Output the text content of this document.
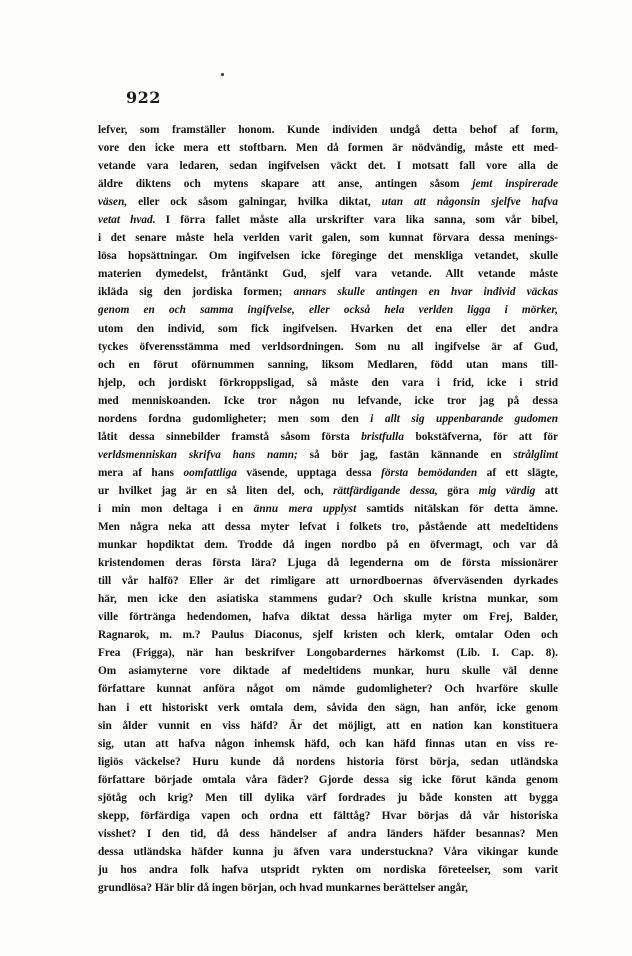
922
lefver, som framställer honom. Kunde individen undgå detta behof af form,
vore den icke mera ett stoftbarn. Men då formen är nödvändig, måste ett med-
vetande vara ledaren, sedan ingifvelsen väckt det. I motsatt fall vore alla de
äldre diktens och mytens skapare att anse, antingen såsom jemt inspirerade
väsen, eller ock såsom galningar, hvilka diktat, utan att någonsin sjelfve hafva
vetat hvad. I förra fallet måste alla urskrifter vara lika sanna, som vår bibel,
i det senare måste hela verlden varit galen, som kunnat förvara dessa menings-
lösa hopsättningar. Om ingifvelsen icke föreginge det menskliga vetandet, skulle
materien dymedelst, fråntänkt Gud, sjelf vara vetande. Allt vetande måste
ikläda sig den jordiska formen; annars skulle antingen en hvar individ väckas
genom en och samma ingifvelse, eller också hela verlden ligga i mörker,
utom den individ, som fick ingifvelsen. Hvarken det ena eller det andra
tyckes öfverensstämma med verldsordningen. Som nu all ingifvelse är af Gud,
och en förut oförnummen sanning, liksom Medlaren, född utan mans till-
hjelp, och jordiskt förkroppsligad, så måste den vara i frid, icke i strid
med menniskoanden. Icke tror någon nu lefvande, icke tror jag på dessa
nordens fordna gudomligheter; men som den i allt sig uppenbarande gudomen
låtit dessa sinnebilder framstå såsom första bristfulla bokstäfverna, för att för
verldsmenniskan skrifva hans namn; så bör jag, fastän kännande en strålglimt
mera af hans oomfattliga väsende, upptaga dessa första bemödanden af ett slägte,
ur hvilket jag är en så liten del, och, rättfärdigande dessa, göra mig värdig att
i min mon deltaga i en ännu mera upplyst samtids nitälskan för detta ämne.
Men några neka att dessa myter lefvat i folkets tro, påstående att medeltidens
munkar hopdiktat dem. Trodde då ingen nordbo på en öfvermagt, och var då
kristendomen deras första lära? Ljuga då legenderna om de första missionärer
till vår halfö? Eller är det rimligare att urnordboernas öfverväsenden dyrkades
här, men icke den asiatiska stammens gudar? Och skulle kristna munkar, som
ville förtränga hedendomen, hafva diktat dessa härliga myter om Frej, Balder,
Ragnarok, m. m.? Paulus Diaconus, sjelf kristen och klerk, omtalar Oden och
Frea (Frigga), när han beskrifver Longobardernes härkomst (Lib. I. Cap. 8).
Om asiamyterne vore diktade af medeltidens munkar, huru skulle väl denne
författare kunnat anföra något om nämde gudomligheter? Och hvarföre skulle
han i ett historiskt verk omtala dem, såvida den sägn, han anför, icke genom
sin ålder vunnit en viss häfd? Är det möjligt, att en nation kan konstituera
sig, utan att hafva någon inhemsk häfd, och kan häfd finnas utan en viss re-
ligiös väckelse? Huru kunde då nordens historia först börja, sedan utländska
författare började omtala våra fäder? Gjorde dessa sig icke förut kända genom
sjötåg och krig? Men till dylika värf fordrades ju både konsten att bygga
skepp, förfärdiga vapen och ordna ett fälttåg? Hvar börjas då vår historiska
visshet? I den tid, då dess händelser af andra länders häfder besannas? Men
dessa utländska häfder kunna ju äfven vara understuckna? Våra vikingar kunde
ju hos andra folk hafva utspridt rykten om nordiska företeelser, som varit
grundlösa? Här blir då ingen början, och hvad munkarnes berättelser angår,
